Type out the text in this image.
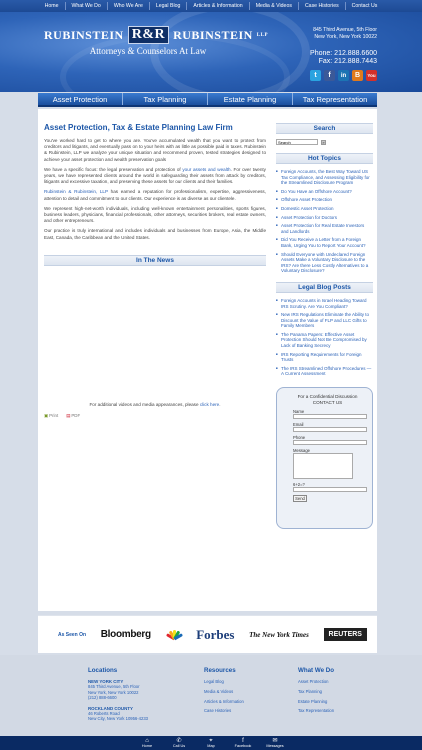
Home	What We Do	Who We Are	Legal Blog	Articles & Information	Media & Videos	Case Histories	Contact Us
RUBINSTEIN R&R RUBINSTEIN LLP
Attorneys & Counselors At Law
845 Third Avenue, 5th Floor
New York, New York 10022
Phone: 212.888.6600
Fax: 212.888.7443
t	f	in	B	You
Asset Protection	Tax Planning	Estate Planning	Tax Representation
Asset Protection, Tax & Estate Planning Law Firm

You've worked hard to get to where you are. You've accumulated wealth that you want to protect from creditors and litigants, and eventually pass on to your heirs with as little as possible paid in taxes. Rubinstein & Rubinstein, LLP we analyze your unique situation and recommend proven, tested strategies designed to achieve your asset protection and wealth preservation goals

We have a specific focus: the legal preservation and protection of your assets and wealth. For over twenty years, we have represented clients around the world in safeguarding their assets from attack by creditors, litigants and excessive taxation, and preserving these assets for our clients and their families.

Rubinstein & Rubinstein, LLP has earned a reputation for professionalism, expertise, aggressiveness, attention to detail and commitment to our clients. Our experience is as diverse as our clientele.

We represent high-net-worth individuals, including well-known entertainment personalities, sports figures, business leaders, physicians, financial professionals, other attorneys, securities brokers, real estate owners, and other entrepreneurs.

Our practice is truly international and includes individuals and businesses from Europe, Asia, the Middle East, Canada, the Caribbean and the United States.

In The News
For additional videos and media appearances, please click here.
▣Print ▤PDF
Search
Search
»
Hot Topics
■ Foreign Accounts, the Best Way Toward US Tax Compliance, and Assessing Eligibility for the Streamlined Disclosure Program
■ Do You Have an Offshore Account?
■ Offshore Asset Protection
■ Domestic Asset Protection
■ Asset Protection for Doctors
■ Asset Protection for Real Estate Investors and Landlords
■ Did You Receive a Letter from a Foreign Bank, Urging You to Report Your Account?
■ Should Everyone with Undeclared Foreign Assets Make a Voluntary Disclosure to the IRS? Are there Less Costly Alternatives to a Voluntary Disclosure?
Legal Blog Posts
■ Foreign Accounts in Israel Heading Toward IRS Scrutiny. Are You Compliant?
■ New IRS Regulations Eliminate the Ability to Discount the Value of FLP and LLC Gifts to Family Members
■ The Panama Papers: Effective Asset Protection Should Not Be Compromised by Lack of Banking Secrecy
■ IRS Reporting Requirements for Foreign Trusts
■ The IRS Streamlined Offshore Procedures — A Current Assessment
For a Confidential Discussion
CONTACT US
Name
Email
Phone
Message
6+2=?
Send
As Seen On Bloomberg	Forbes The New York Times	REUTERS
Locations
NEW YORK CITY

845 Third Avenue, 5th Floor

New York, New York 10022

(212) 888-6600

ROCKLAND COUNTY

46 Roberts Road

New City, New York 10956-4233

Resources
Legal Blog
Media & Videos
Articles & Information
Case Histories
What We Do
Asset Protection
Tax Planning
Estate Planning
Tax Representation
⌂
Home
✆
Call Us
⌖
Map
f
Facebook
✉
Messages
